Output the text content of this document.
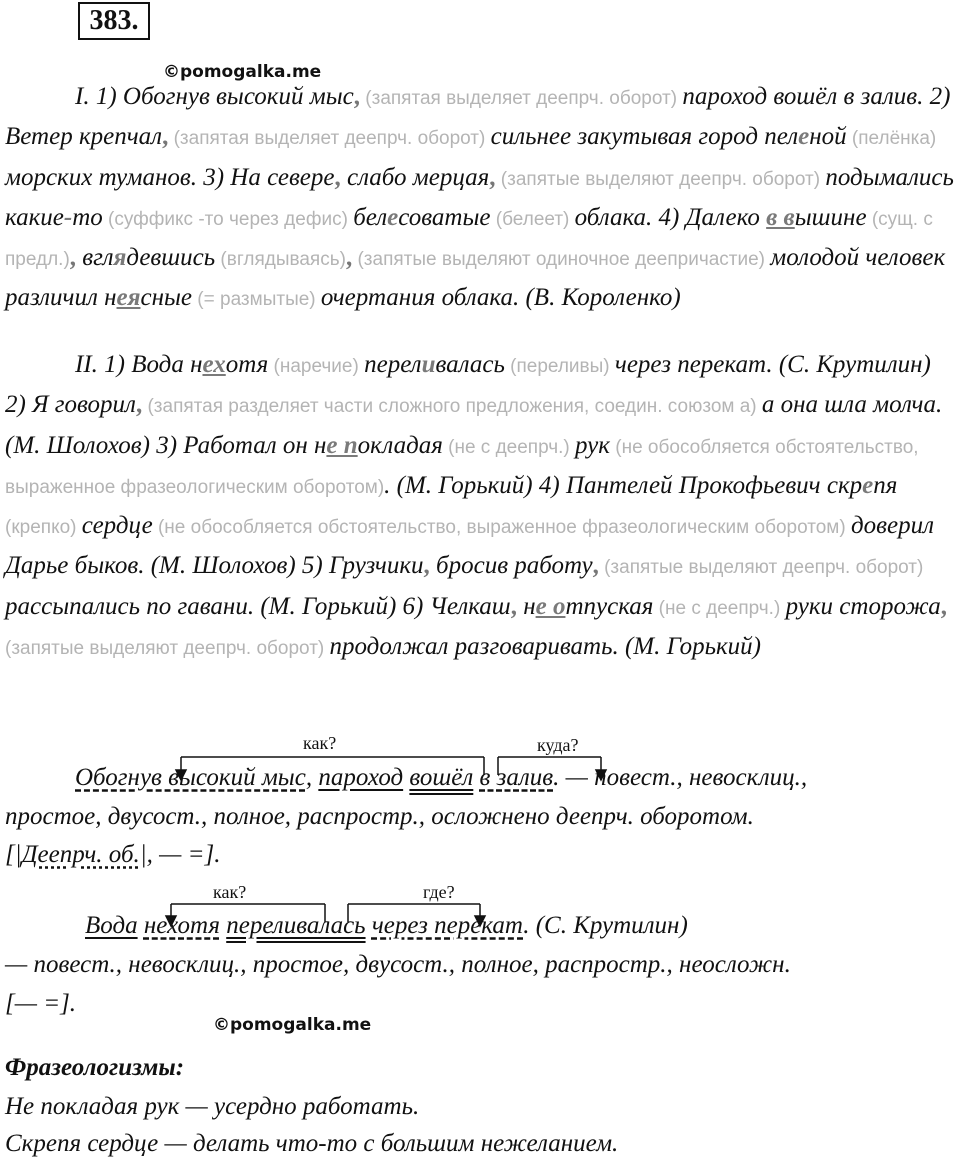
383.
©pomogalka.me

I. 1) Обогнув высокий мыс, (запятая выделяет деепрч. оборот) пароход вошёл в залив. 2) Ветер крепчал, (запятая выделяет деепрч. оборот) сильнее закутывая город пеленой (пелёнка) морских туманов. 3) На севере, слабо мерцая, (запятые выделяют деепрч. оборот) подымались какие-то (суффикс -то через дефис) белесоватые (белеет) облака. 4) Далеко в вышине (сущ. с предл.), вглядевшись (вглядываясь), (запятые выделяют одиночное деепричастие) молодой человек различил неясные (= размытые) очертания облака. (В. Короленко)

II. 1) Вода нехотя (наречие) переливалась (переливы) через перекат. (С. Крутилин) 2) Я говорил, (запятая разделяет части сложного предложения, соедин. союзом а) а она шла молча. (М. Шолохов) 3) Работал он не покладая (не с деепрч.) рук (не обособляется обстоятельство, выраженное фразеологическим оборотом). (М. Горький) 4) Пантелей Прокофьевич скрепя (крепко) сердце (не обособляется обстоятельство, выраженное фразеологическим оборотом) доверил Дарье быков. (М. Шолохов) 5) Грузчики, бросив работу, (запятые выделяют деепрч. оборот) рассыпались по гавани. (М. Горький) 6) Челкаш, не отпуская (не с деепрч.) руки сторожа, (запятые выделяют деепрч. оборот) продолжал разговаривать. (М. Горький)

как?	куда?
Обогнув высокий мыс, пароход вошёл в залив. — повест., невосклиц.,
простое, двусост., полное, распростр., осложнено деепрч. оборотом.
[|Деепрч. об.|, — =].
как?	где?
Вода нехотя переливалась через перекат. (С. Крутилин)
— повест., невосклиц., простое, двусост., полное, распростр., неосложн.
[— =].
©pomogalka.me
Фразеологизмы:
Не покладая рук — усердно работать.
Скрепя сердце — делать что-то с большим нежеланием.
